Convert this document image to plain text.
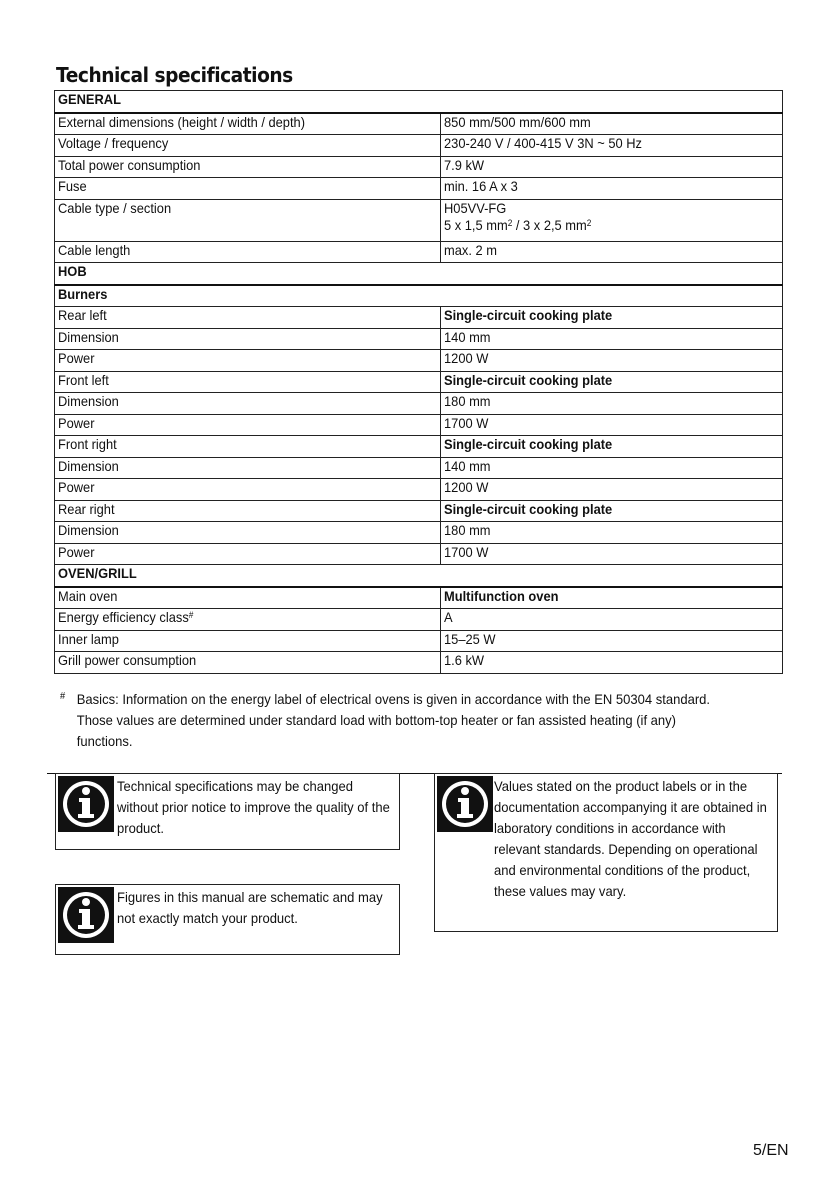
Technical specifications
GENERAL	
External dimensions (height / width / depth)	850 mm/500 mm/600 mm
Voltage / frequency	230-240 V / 400-415 V 3N ~ 50 Hz
Total power consumption	7.9 kW
Fuse	min. 16 A x 3
Cable type / section	H05VV-FG
5 x 1,5 $mm^2 / 3$ x 2,5 $mm^2$
Cable length	max. 2 m
HOB	
Burners	
Rear left	Single-circuit cooking plate
Dimension	140 mm
Power	1200 W
Front left	Single-circuit cooking plate
Dimension	180 mm
Power	1700 W
Front right	Single-circuit cooking plate
Dimension	140 mm
Power	1200 W
Rear right	Single-circuit cooking plate
Dimension	180 mm
Power	1700 W
OVEN/GRILL	
Main oven	Multifunction oven
Energy efficiency class#	A
Inner lamp	15–25 W
Grill power consumption	1.6 kW
# Basics: Information on the energy label of electrical ovens is given in accordance with the EN 50304 standard. Those values are determined under standard load with bottom-top heater or fan assisted heating (if any) functions.
Technical specifications may be changed without prior notice to improve the quality of the product.
Figures in this manual are schematic and may not exactly match your product.
Values stated on the product labels or in the documentation accompanying it are obtained in laboratory conditions in accordance with relevant standards. Depending on operational and environmental conditions of the product, these values may vary.
5/EN
